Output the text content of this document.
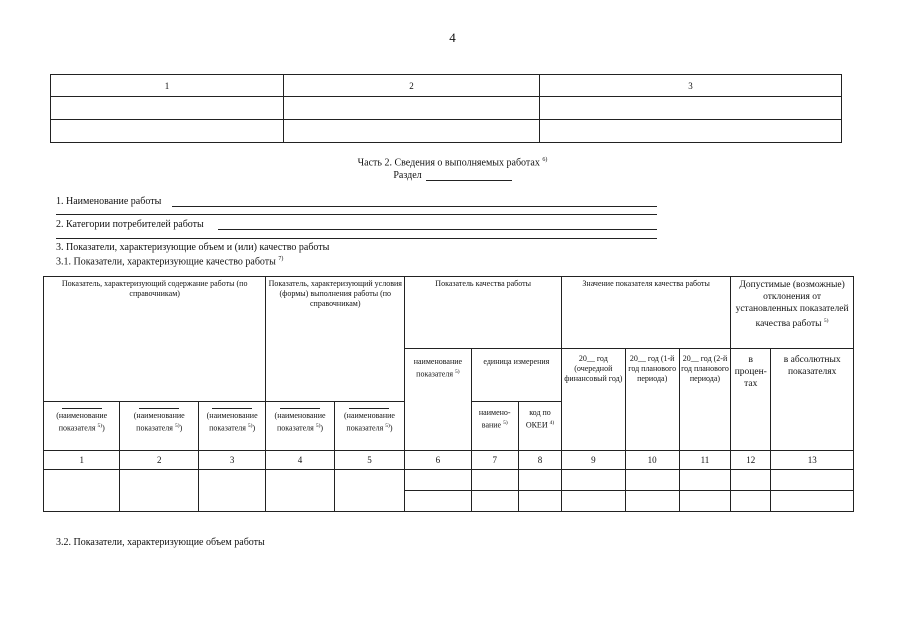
4
1	2	3

Часть 2. Сведения о выполняемых работах $^{6)}$
Раздел
1. Наименование работы
2. Категории потребителей работы
3. Показатели, характеризующие объем и (или) качество работы
3.1. Показатели, характеризующие качество работы $^{7)}$
Показатель, характеризующий содержание работы (по справочникам)			Показатель, характеризующий условия (формы) выполнения работы (по справочникам)		Показатель качества работы			Значение показателя качества работы			Допустимые (возможные) отклонения от установленных показателей качества работы $^{5)}$
					наименование показателя $^{5)}$	единица измерения		20__ год (очередной финансовый год)	20__ год (1-й год планового периода)	20__ год (2-й год планового периода)	в процен-тах	в абсолютных показателях

(наименование показателя $^{5)}$)	(наименование показателя $^{5)}$)	(наименование показателя $^{5)}$)	(наименование показателя $^{5)}$)	(наименование показателя $^{5)}$)		наимено-вание $^{5)}$	код по ОКЕИ $^{4)}$
1	2	3	4	5	6	7	8	9	10	11	12	13

3.2. Показатели, характеризующие объем работы
